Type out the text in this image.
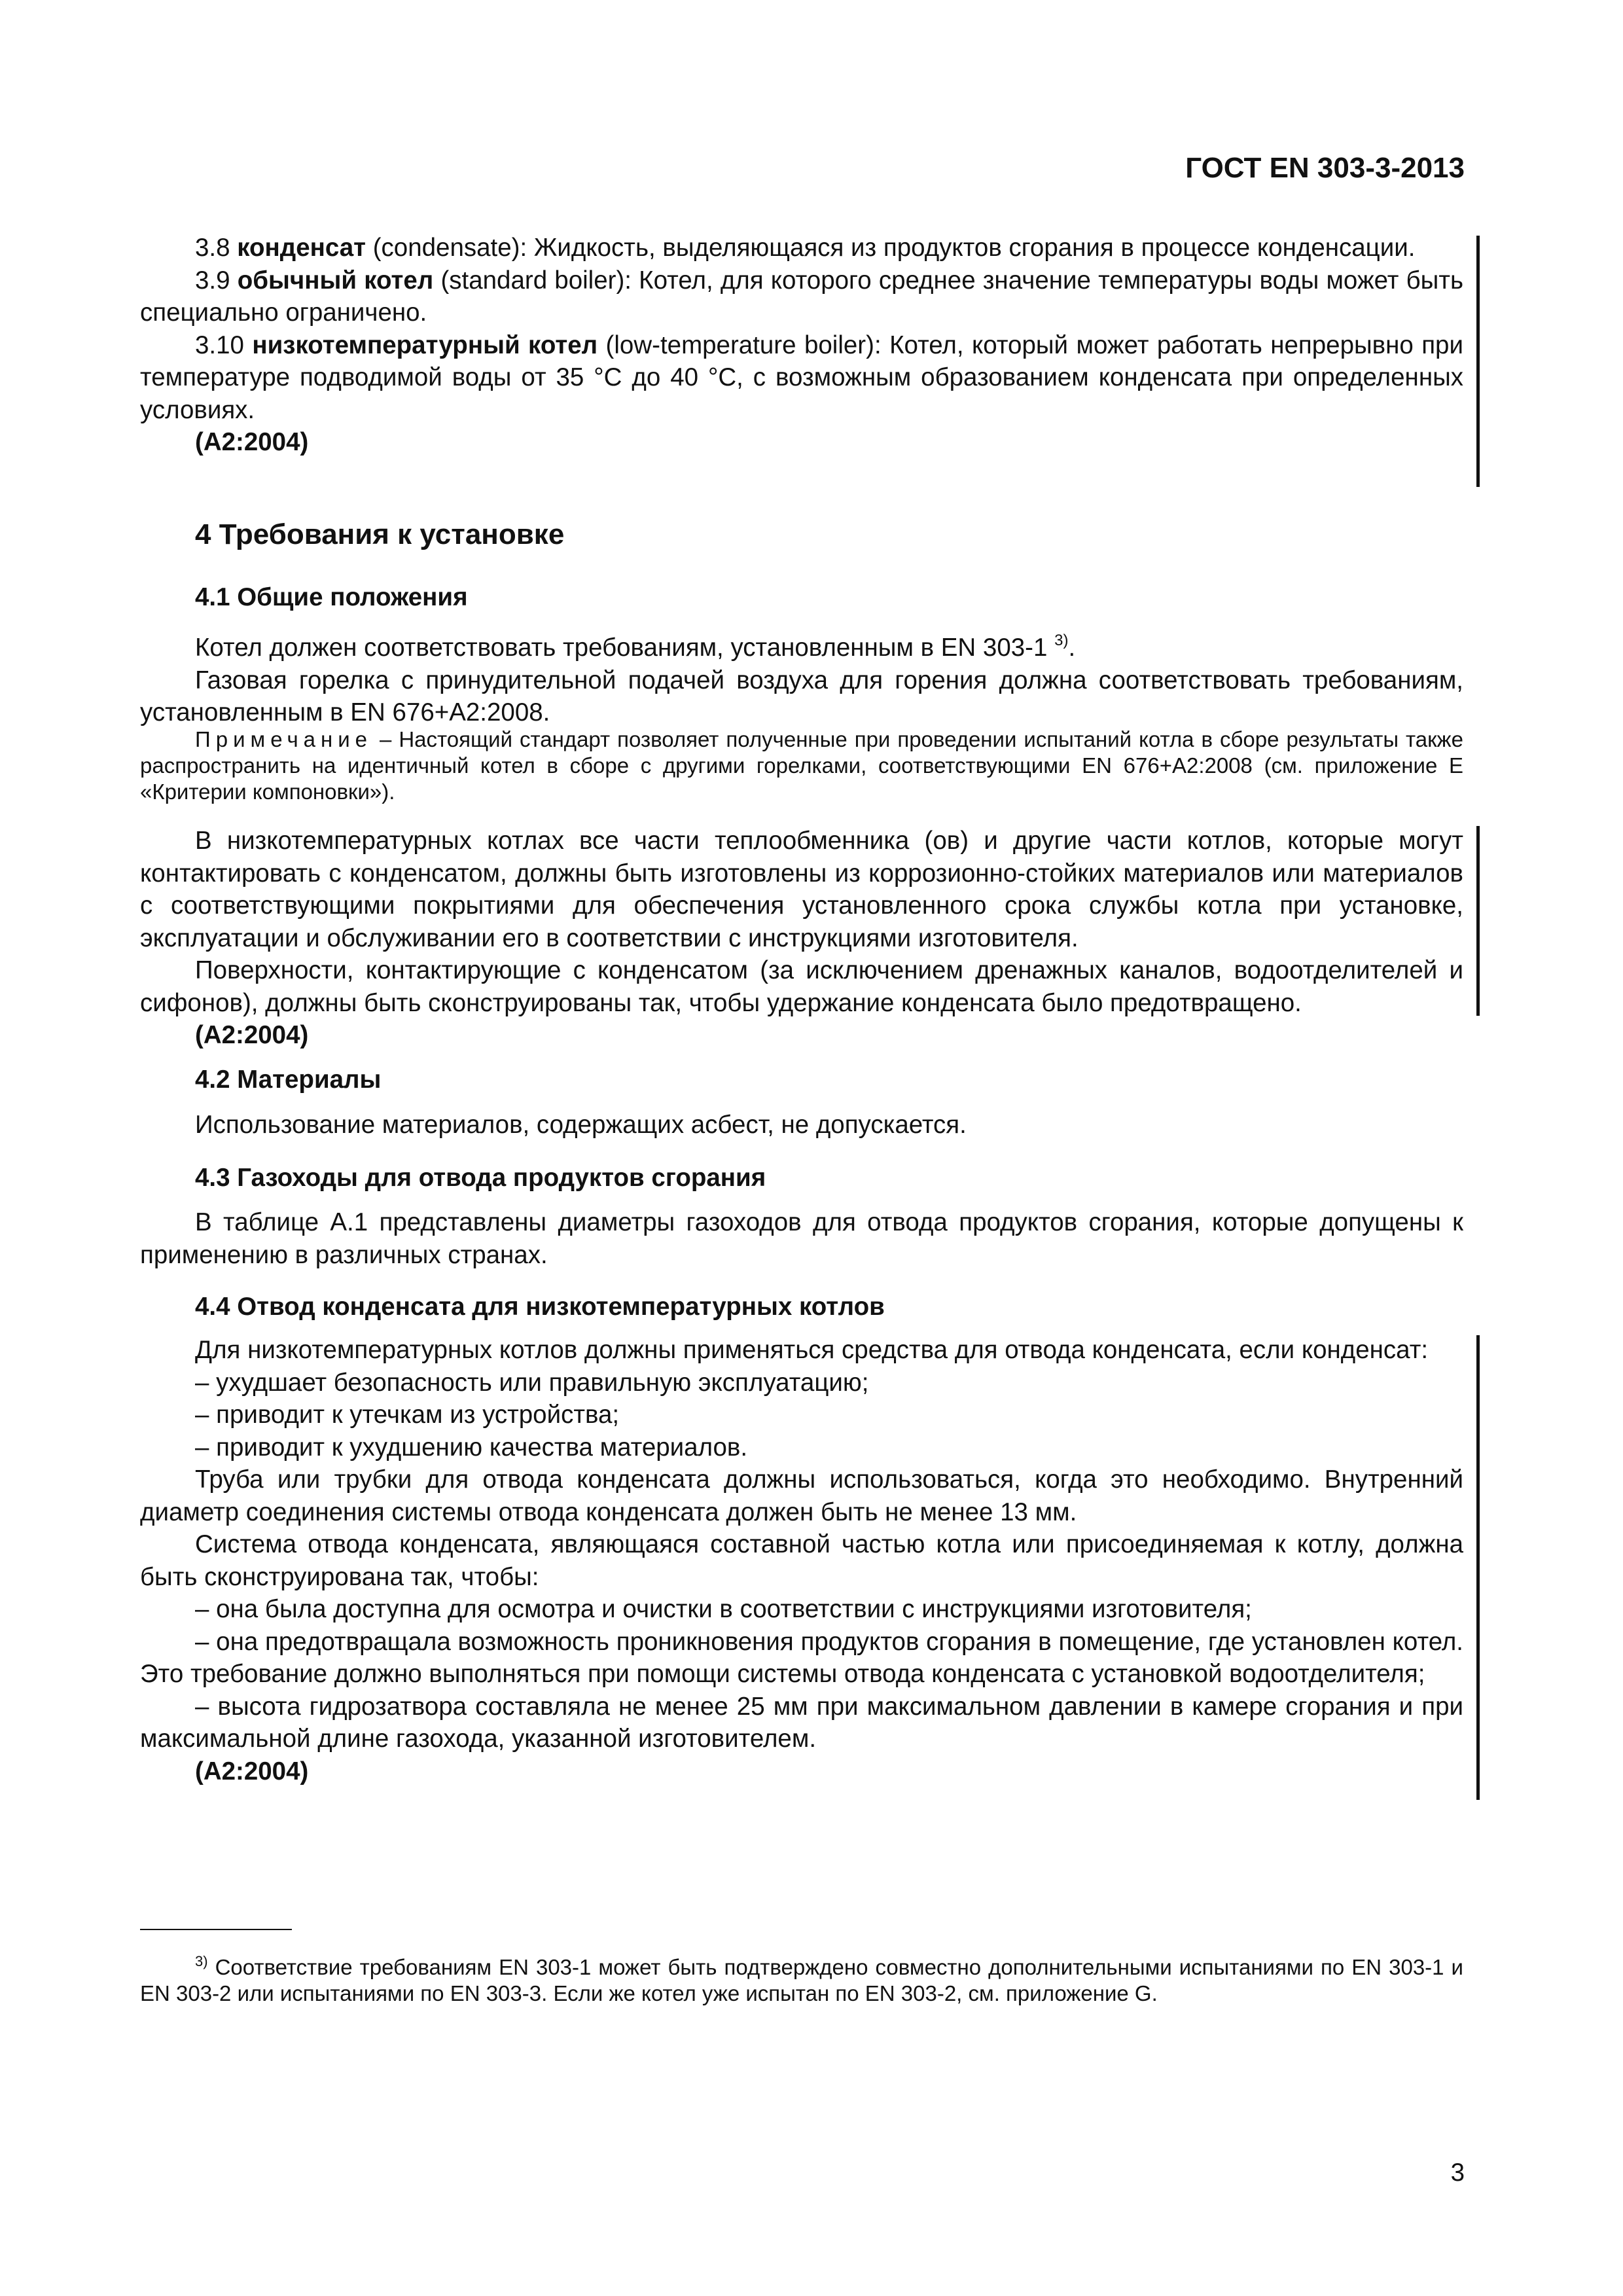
ГОСТ EN 303-3-2013

3.8 конденсат (condensate): Жидкость, выделяющаяся из продуктов сгорания в процессе конденсации.

3.9 обычный котел (standard boiler): Котел, для которого среднее значение температуры воды может быть специально ограничено.

3.10 низкотемпературный котел (low-temperature boiler): Котел, который может работать непрерывно при температуре подводимой воды от 35 °С до 40 °С, с возможным образованием конденсата при определенных условиях.

(A2:2004)

4 Требования к установке

4.1 Общие положения

Котел должен соответствовать требованиям, установленным в EN 303-1 $^{3)}$.

Газовая горелка с принудительной подачей воздуха для горения должна соответствовать требованиям, установленным в EN 676+A2:2008.

Примечание – Настоящий стандарт позволяет полученные при проведении испытаний котла в сборе результаты также распространить на идентичный котел в сборе с другими горелками, соответствующими EN 676+A2:2008 (см. приложение Е «Критерии компоновки»).

В низкотемпературных котлах все части теплообменника (ов) и другие части котлов, которые могут контактировать с конденсатом, должны быть изготовлены из коррозионно-стойких материалов или материалов с соответствующими покрытиями для обеспечения установленного срока службы котла при установке, эксплуатации и обслуживании его в соответствии с инструкциями изготовителя.

Поверхности, контактирующие с конденсатом (за исключением дренажных каналов, водоотделителей и сифонов), должны быть сконструированы так, чтобы удержание конденсата было предотвращено.

(A2:2004)

4.2 Материалы

Использование материалов, содержащих асбест, не допускается.

4.3 Газоходы для отвода продуктов сгорания

В таблице А.1 представлены диаметры газоходов для отвода продуктов сгорания, которые допущены к применению в различных странах.

4.4 Отвод конденсата для низкотемпературных котлов

Для низкотемпературных котлов должны применяться средства для отвода конденсата, если конденсат:

– ухудшает безопасность или правильную эксплуатацию;

– приводит к утечкам из устройства;

– приводит к ухудшению качества материалов.

Труба или трубки для отвода конденсата должны использоваться, когда это необходимо. Внутренний диаметр соединения системы отвода конденсата должен быть не менее 13 мм.

Система отвода конденсата, являющаяся составной частью котла или присоединяемая к котлу, должна быть сконструирована так, чтобы:

– она была доступна для осмотра и очистки в соответствии с инструкциями изготовителя;

– она предотвращала возможность проникновения продуктов сгорания в помещение, где установлен котел. Это требование должно выполняться при помощи системы отвода конденсата с установкой водоотделителя;

– высота гидрозатвора составляла не менее 25 мм при максимальном давлении в камере сгорания и при максимальной длине газохода, указанной изготовителем.

(A2:2004)

$^{3)}$ Соответствие требованиям EN 303-1 может быть подтверждено совместно дополнительными испытаниями по EN 303-1 и EN 303-2 или испытаниями по EN 303-3. Если же котел уже испытан по EN 303-2, см. приложение G.

3
